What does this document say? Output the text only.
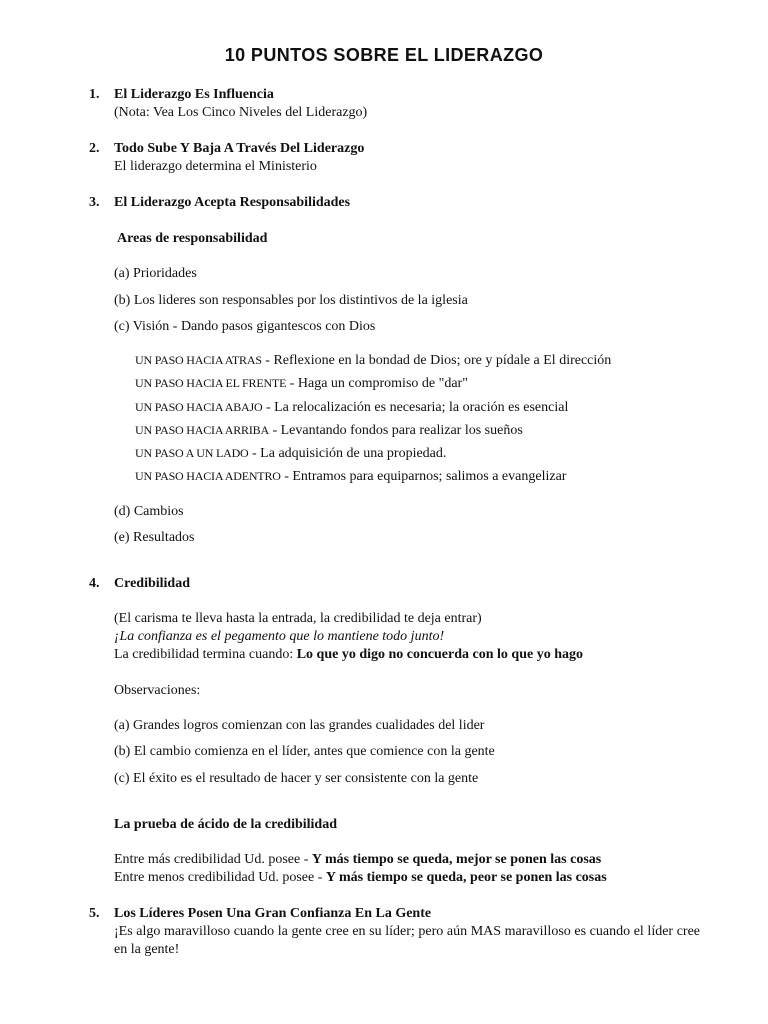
10 PUNTOS SOBRE EL LIDERAZGO
1. El Liderazgo Es Influencia
(Nota: Vea Los Cinco Niveles del Liderazgo)
2. Todo Sube Y Baja A Través Del Liderazgo
El liderazgo determina el Ministerio
3. El Liderazgo Acepta Responsabilidades
Areas de responsabilidad
(a) Prioridades
(b) Los lideres son responsables por los distintivos de la iglesia
(c) Visión - Dando pasos gigantescos con Dios
UN PASO HACIA ATRAS - Reflexione en la bondad de Dios; ore y pídale a El dirección
UN PASO HACIA EL FRENTE - Haga un compromiso de "dar"
UN PASO HACIA ABAJO - La relocalización es necesaria; la oración es esencial
UN PASO HACIA ARRIBA - Levantando fondos para realizar los sueños
UN PASO A UN LADO - La adquisición de una propiedad.
UN PASO HACIA ADENTRO - Entramos para equiparnos; salimos a evangelizar
(d) Cambios
(e) Resultados
4. Credibilidad
(El carisma te lleva hasta la entrada, la credibilidad te deja entrar)
¡La confianza es el pegamento que lo mantiene todo junto!
La credibilidad termina cuando: Lo que yo digo no concuerda con lo que yo hago
Observaciones:
(a) Grandes logros comienzan con las grandes cualidades del lider
(b) El cambio comienza en el líder, antes que comience con la gente
(c) El éxito es el resultado de hacer y ser consistente con la gente
La prueba de ácido de la credibilidad
Entre más credibilidad Ud. posee - Y más tiempo se queda, mejor se ponen las cosas
Entre menos credibilidad Ud. posee - Y más tiempo se queda, peor se ponen las cosas
5. Los Líderes Posen Una Gran Confianza En La Gente
¡Es algo maravilloso cuando la gente cree en su líder; pero aún MAS maravilloso es cuando el líder cree en la gente!
